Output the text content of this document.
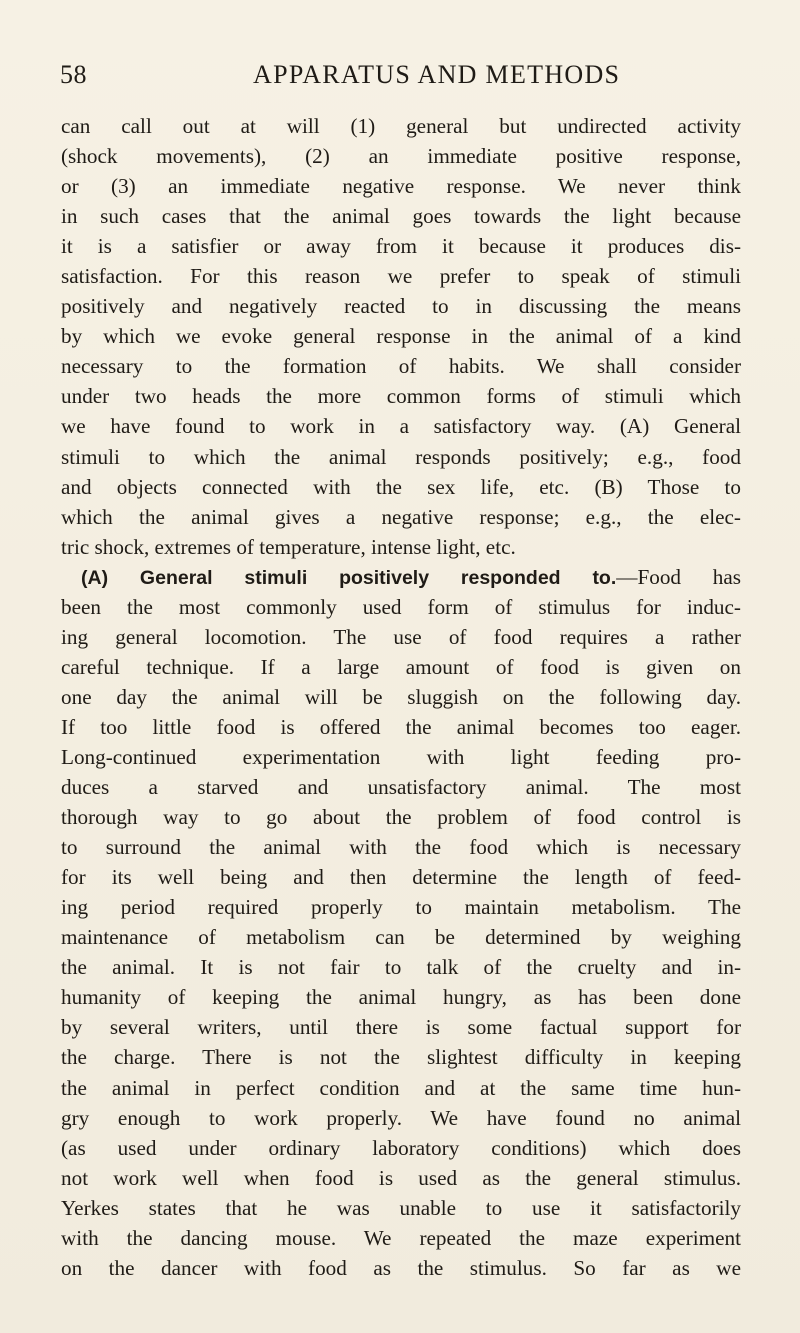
58	APPARATUS AND METHODS
can call out at will (1) general but undirected activity
(shock movements), (2) an immediate positive response,
or (3) an immediate negative response. We never think
in such cases that the animal goes towards the light because
it is a satisfier or away from it because it produces dis-
satisfaction. For this reason we prefer to speak of stimuli
positively and negatively reacted to in discussing the means
by which we evoke general response in the animal of a kind
necessary to the formation of habits. We shall consider
under two heads the more common forms of stimuli which
we have found to work in a satisfactory way. (A) General
stimuli to which the animal responds positively; e.g., food
and objects connected with the sex life, etc. (B) Those to
which the animal gives a negative response; e.g., the elec-
tric shock, extremes of temperature, intense light, etc.
(A) General stimuli positively responded to.—Food has
been the most commonly used form of stimulus for induc-
ing general locomotion. The use of food requires a rather
careful technique. If a large amount of food is given on
one day the animal will be sluggish on the following day.
If too little food is offered the animal becomes too eager.
Long-continued experimentation with light feeding pro-
duces a starved and unsatisfactory animal. The most
thorough way to go about the problem of food control is
to surround the animal with the food which is necessary
for its well being and then determine the length of feed-
ing period required properly to maintain metabolism. The
maintenance of metabolism can be determined by weighing
the animal. It is not fair to talk of the cruelty and in-
humanity of keeping the animal hungry, as has been done
by several writers, until there is some factual support for
the charge. There is not the slightest difficulty in keeping
the animal in perfect condition and at the same time hun-
gry enough to work properly. We have found no animal
(as used under ordinary laboratory conditions) which does
not work well when food is used as the general stimulus.
Yerkes states that he was unable to use it satisfactorily
with the dancing mouse. We repeated the maze experiment
on the dancer with food as the stimulus. So far as we
